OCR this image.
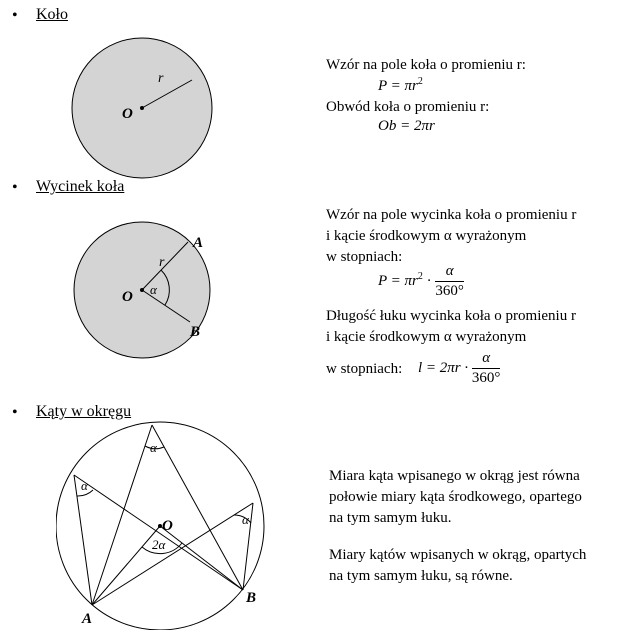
• Koło
O
r
Wzór na pole koła o promieniu r:
$P = \pi r^2$
Obwód koła o promieniu r:
Ob = 2πr
• Wycinek koła
O
r
α
A
B
Wzór na pole wycinka koła o promieniu r
i kącie środkowym α wyrażonym
w stopniach:
$P = \pi r^2 \cdot \frac{\alpha}{360^\circ}$
Długość łuku wycinka koła o promieniu r
i kącie środkowym α wyrażonym
w stopniach: $l = 2\pi r \cdot \frac{\alpha}{360^\circ}$
• Kąty w okręgu
O
2α
α
α
α
A
B
Miara kąta wpisanego w okrąg jest równa
połowie miary kąta środkowego, opartego
na tym samym łuku.
Miary kątów wpisanych w okrąg, opartych
na tym samym łuku, są równe.
